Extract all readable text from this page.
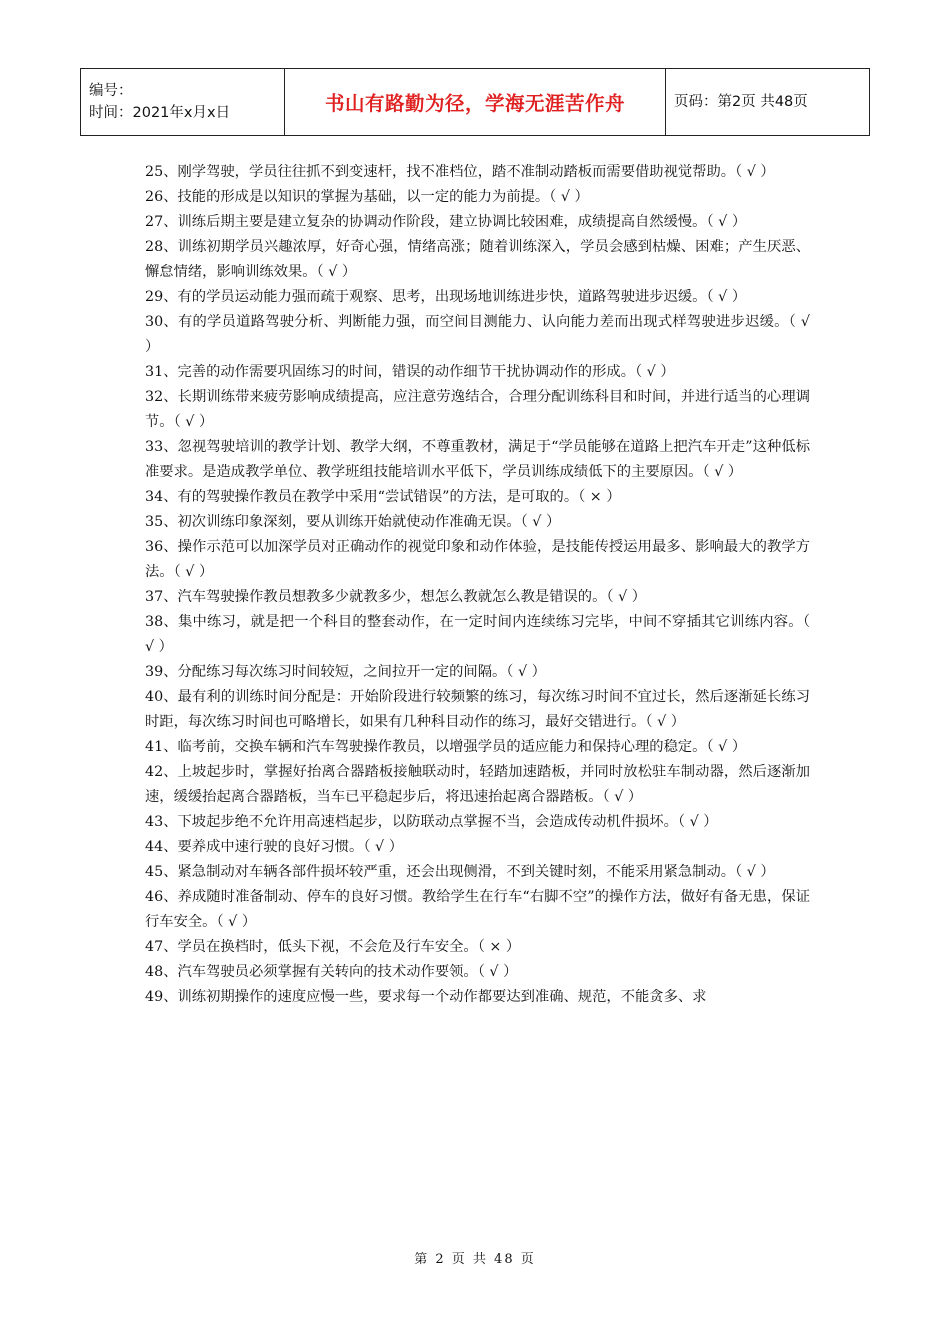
编号：
时间：2021年x月x日	书山有路勤为径，学海无涯苦作舟	页码：第2页 共48页

25、刚学驾驶，学员往往抓不到变速杆，找不准档位，踏不准制动踏板而需要借助视觉帮助。（ √ ）

26、技能的形成是以知识的掌握为基础，以一定的能力为前提。（ √ ）

27、训练后期主要是建立复杂的协调动作阶段，建立协调比较困难，成绩提高自然缓慢。（ √ ）

28、训练初期学员兴趣浓厚，好奇心强，情绪高涨；随着训练深入，学员会感到枯燥、困难；产生厌恶、懈怠情绪，影响训练效果。（ √ ）

29、有的学员运动能力强而疏于观察、思考，出现场地训练进步快，道路驾驶进步迟缓。（ √ ）

30、有的学员道路驾驶分析、判断能力强，而空间目测能力、认向能力差而出现式样驾驶进步迟缓。（ √ ）

31、完善的动作需要巩固练习的时间，错误的动作细节干扰协调动作的形成。（ √ ）

32、长期训练带来疲劳影响成绩提高，应注意劳逸结合，合理分配训练科目和时间，并进行适当的心理调节。（ √ ）

33、忽视驾驶培训的教学计划、教学大纲，不尊重教材，满足于“学员能够在道路上把汽车开走”这种低标准要求。是造成教学单位、教学班组技能培训水平低下，学员训练成绩低下的主要原因。（ √ ）

34、有的驾驶操作教员在教学中采用“尝试错误”的方法，是可取的。（ × ）

35、初次训练印象深刻，要从训练开始就使动作准确无误。（ √ ）

36、操作示范可以加深学员对正确动作的视觉印象和动作体验，是技能传授运用最多、影响最大的教学方法。（ √ ）

37、汽车驾驶操作教员想教多少就教多少，想怎么教就怎么教是错误的。（ √ ）

38、集中练习，就是把一个科目的整套动作，在一定时间内连续练习完毕，中间不穿插其它训练内容。（ √ ）

39、分配练习每次练习时间较短，之间拉开一定的间隔。（ √ ）

40、最有利的训练时间分配是：开始阶段进行较频繁的练习，每次练习时间不宜过长，然后逐渐延长练习时距，每次练习时间也可略增长，如果有几种科目动作的练习，最好交错进行。（ √ ）

41、临考前，交换车辆和汽车驾驶操作教员，以增强学员的适应能力和保持心理的稳定。（ √ ）

42、上坡起步时，掌握好抬离合器踏板接触联动时，轻踏加速踏板，并同时放松驻车制动器，然后逐渐加速，缓缓抬起离合器踏板，当车已平稳起步后，将迅速抬起离合器踏板。（ √ ）

43、下坡起步绝不允许用高速档起步，以防联动点掌握不当，会造成传动机件损坏。（ √ ）

44、要养成中速行驶的良好习惯。（ √ ）

45、紧急制动对车辆各部件损坏较严重，还会出现侧滑，不到关键时刻，不能采用紧急制动。（ √ ）

46、养成随时准备制动、停车的良好习惯。教给学生在行车“右脚不空”的操作方法，做好有备无患，保证行车安全。（ √ ）

47、学员在换档时，低头下视，不会危及行车安全。（ × ）

48、汽车驾驶员必须掌握有关转向的技术动作要领。（ √ ）

49、训练初期操作的速度应慢一些，要求每一个动作都要达到准确、规范，不能贪多、求

第 2 页 共 48 页
